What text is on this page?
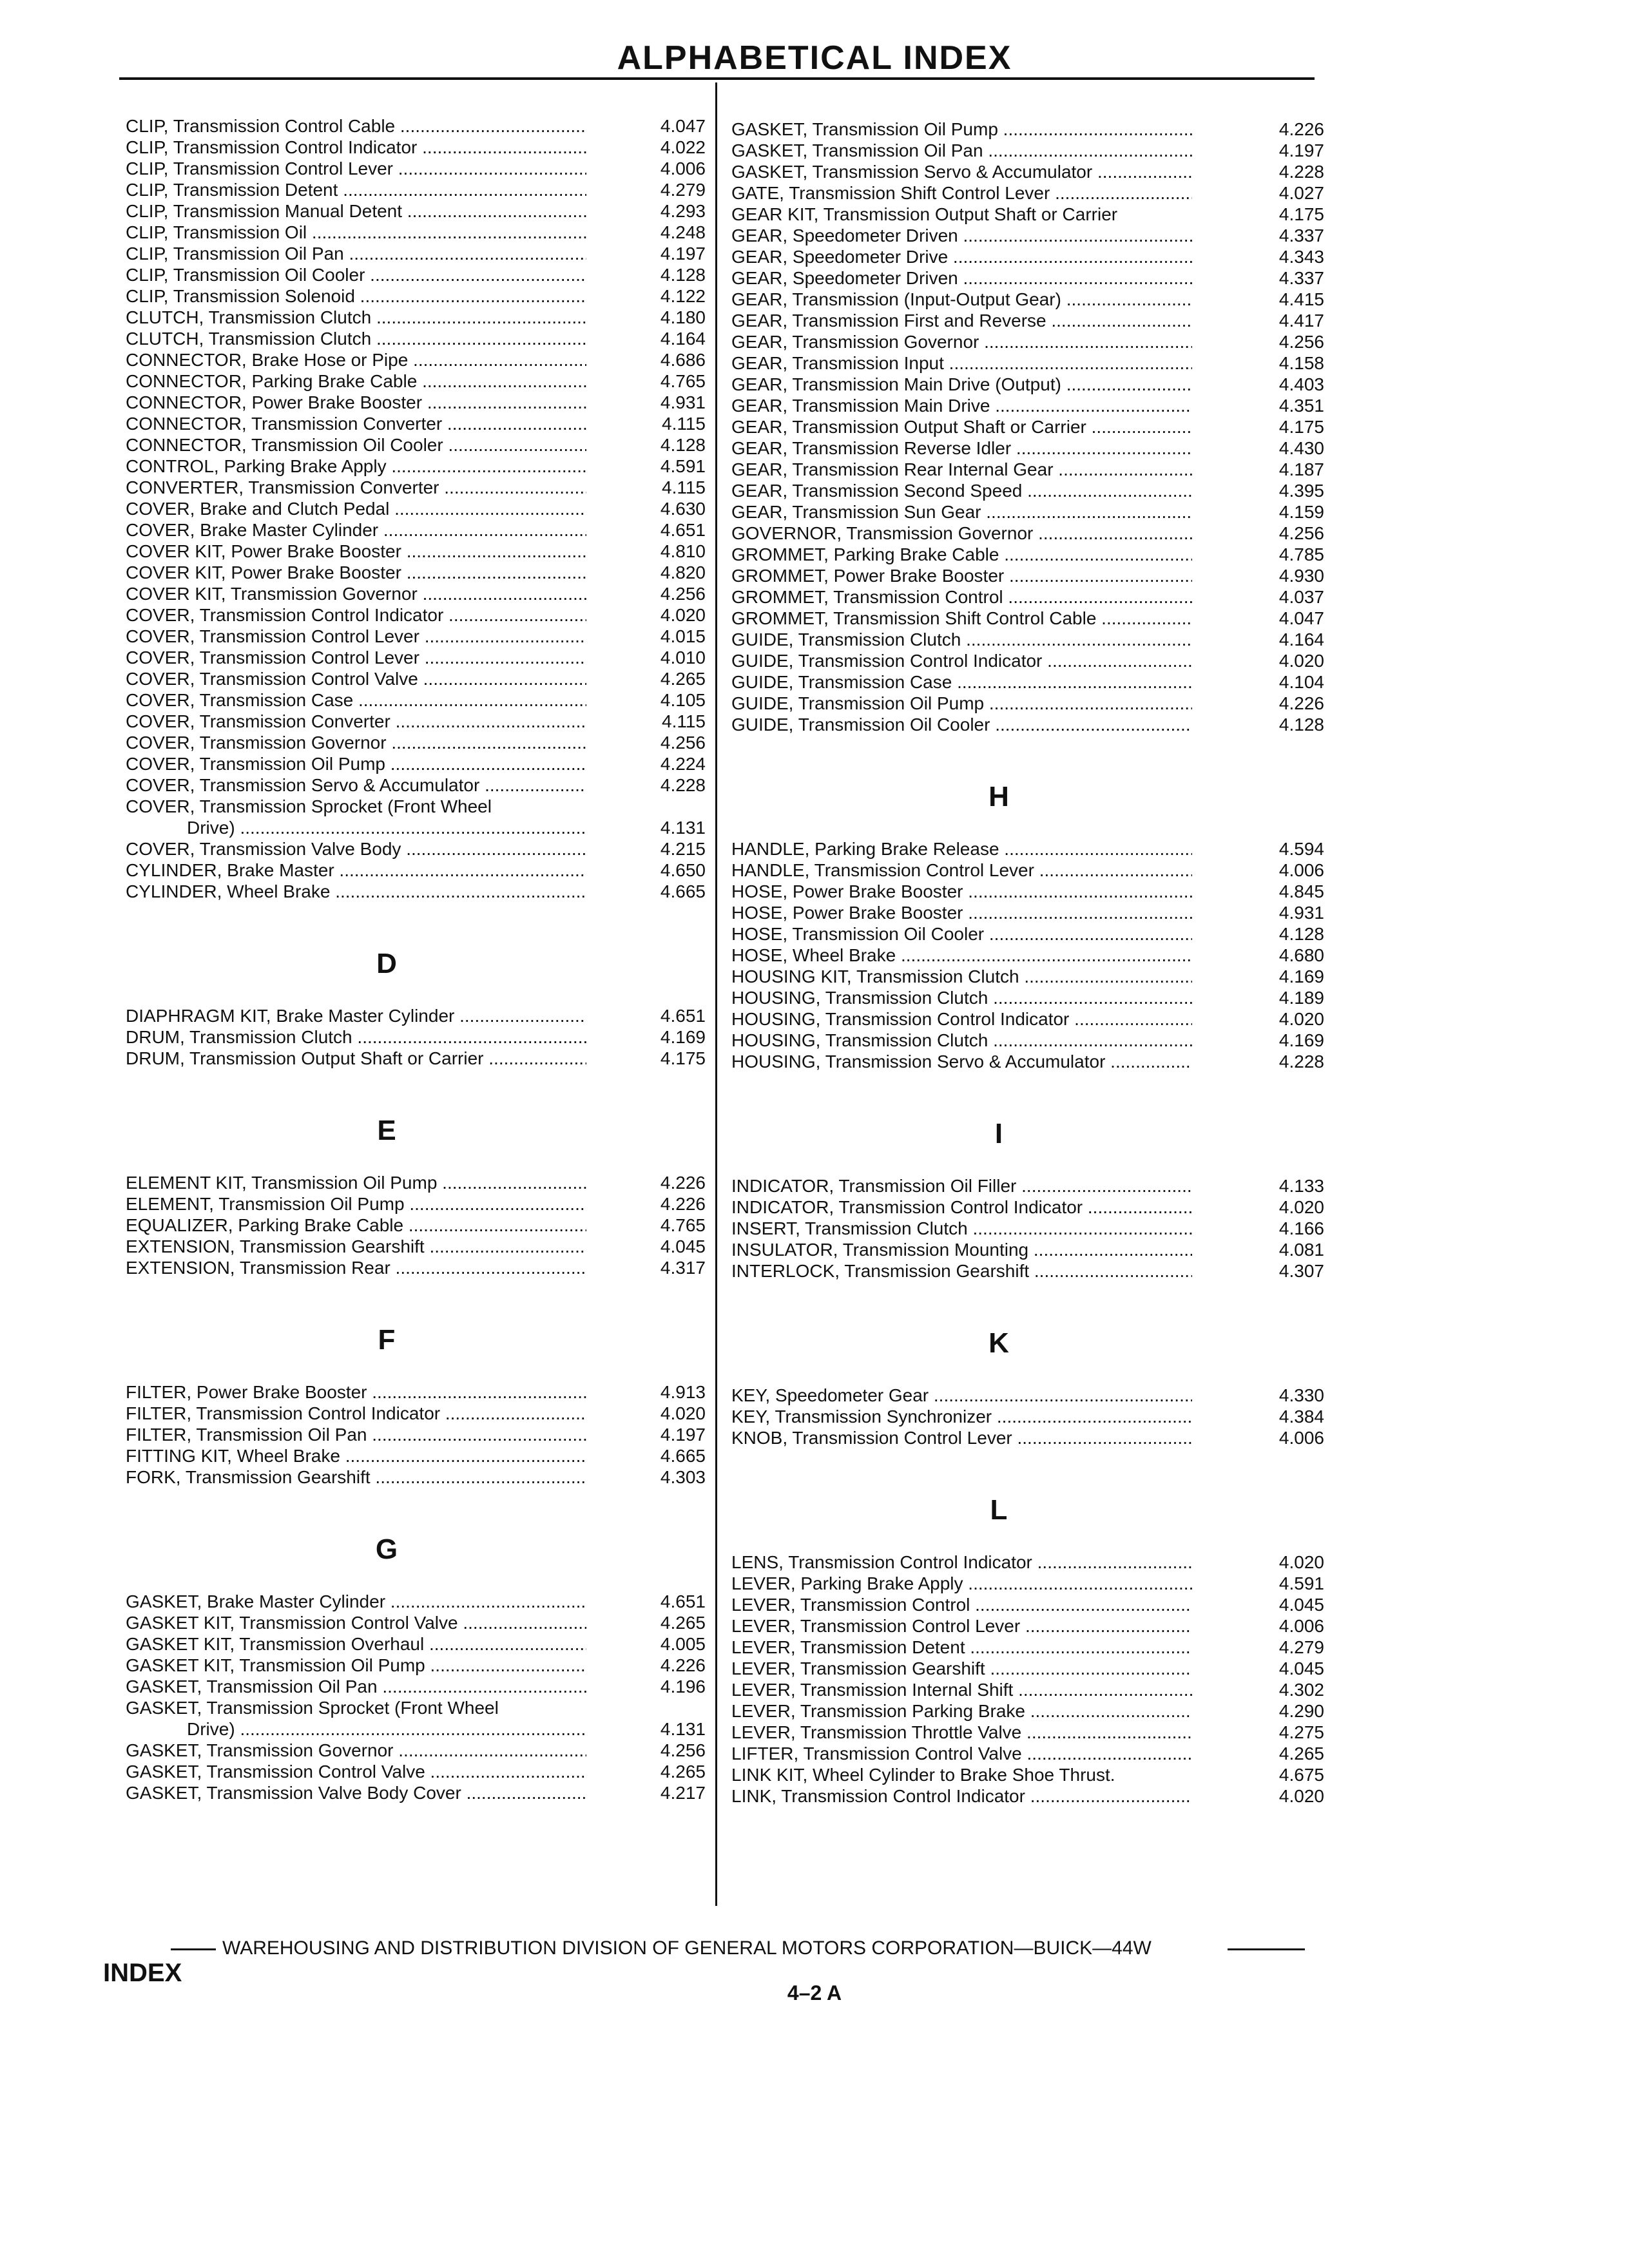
ALPHABETICAL INDEX
CLIP, Transmission Control Cable .....	4.047
CLIP, Transmission Control Indicator .....	4.022
CLIP, Transmission Control Lever .....	4.006
CLIP, Transmission Detent .....	4.279
CLIP, Transmission Manual Detent .....	4.293
CLIP, Transmission Oil .....	4.248
CLIP, Transmission Oil Pan .....	4.197
CLIP, Transmission Oil Cooler .....	4.128
CLIP, Transmission Solenoid .....	4.122
CLUTCH, Transmission Clutch .....	4.180
CLUTCH, Transmission Clutch .....	4.164
CONNECTOR, Brake Hose or Pipe .....	4.686
CONNECTOR, Parking Brake Cable .....	4.765
CONNECTOR, Power Brake Booster .....	4.931
CONNECTOR, Transmission Converter .....	4.115
CONNECTOR, Transmission Oil Cooler .....	4.128
CONTROL, Parking Brake Apply .....	4.591
CONVERTER, Transmission Converter .....	4.115
COVER, Brake and Clutch Pedal .....	4.630
COVER, Brake Master Cylinder .....	4.651
COVER KIT, Power Brake Booster .....	4.810
COVER KIT, Power Brake Booster .....	4.820
COVER KIT, Transmission Governor .....	4.256
COVER, Transmission Control Indicator .....	4.020
COVER, Transmission Control Lever .....	4.015
COVER, Transmission Control Lever .....	4.010
COVER, Transmission Control Valve .....	4.265
COVER, Transmission Case .....	4.105
COVER, Transmission Converter .....	4.115
COVER, Transmission Governor .....	4.256
COVER, Transmission Oil Pump .....	4.224
COVER, Transmission Servo & Accumulator .....	4.228
COVER, Transmission Sprocket (Front Wheel
Drive) .....	4.131
COVER, Transmission Valve Body .....	4.215
CYLINDER, Brake Master .....	4.650
CYLINDER, Wheel Brake .....	4.665
D
DIAPHRAGM KIT, Brake Master Cylinder .....	4.651
DRUM, Transmission Clutch .....	4.169
DRUM, Transmission Output Shaft or Carrier .....	4.175
E
ELEMENT KIT, Transmission Oil Pump .....	4.226
ELEMENT, Transmission Oil Pump .....	4.226
EQUALIZER, Parking Brake Cable .....	4.765
EXTENSION, Transmission Gearshift .....	4.045
EXTENSION, Transmission Rear .....	4.317
F
FILTER, Power Brake Booster .....	4.913
FILTER, Transmission Control Indicator .....	4.020
FILTER, Transmission Oil Pan .....	4.197
FITTING KIT, Wheel Brake .....	4.665
FORK, Transmission Gearshift .....	4.303
G
GASKET, Brake Master Cylinder .....	4.651
GASKET KIT, Transmission Control Valve .....	4.265
GASKET KIT, Transmission Overhaul .....	4.005
GASKET KIT, Transmission Oil Pump .....	4.226
GASKET, Transmission Oil Pan .....	4.196
GASKET, Transmission Sprocket (Front Wheel
Drive) .....	4.131
GASKET, Transmission Governor .....	4.256
GASKET, Transmission Control Valve .....	4.265
GASKET, Transmission Valve Body Cover .....	4.217
GASKET, Transmission Oil Pump .....	4.226
GASKET, Transmission Oil Pan .....	4.197
GASKET, Transmission Servo & Accumulator .....	4.228
GATE, Transmission Shift Control Lever .....	4.027
GEAR KIT, Transmission Output Shaft or Carrier	4.175
GEAR, Speedometer Driven .....	4.337
GEAR, Speedometer Drive .....	4.343
GEAR, Speedometer Driven .....	4.337
GEAR, Transmission (Input-Output Gear) .....	4.415
GEAR, Transmission First and Reverse .....	4.417
GEAR, Transmission Governor .....	4.256
GEAR, Transmission Input .....	4.158
GEAR, Transmission Main Drive (Output) .....	4.403
GEAR, Transmission Main Drive .....	4.351
GEAR, Transmission Output Shaft or Carrier .....	4.175
GEAR, Transmission Reverse Idler .....	4.430
GEAR, Transmission Rear Internal Gear .....	4.187
GEAR, Transmission Second Speed .....	4.395
GEAR, Transmission Sun Gear .....	4.159
GOVERNOR, Transmission Governor .....	4.256
GROMMET, Parking Brake Cable .....	4.785
GROMMET, Power Brake Booster .....	4.930
GROMMET, Transmission Control .....	4.037
GROMMET, Transmission Shift Control Cable .....	4.047
GUIDE, Transmission Clutch .....	4.164
GUIDE, Transmission Control Indicator .....	4.020
GUIDE, Transmission Case .....	4.104
GUIDE, Transmission Oil Pump .....	4.226
GUIDE, Transmission Oil Cooler .....	4.128
H
HANDLE, Parking Brake Release .....	4.594
HANDLE, Transmission Control Lever .....	4.006
HOSE, Power Brake Booster .....	4.845
HOSE, Power Brake Booster .....	4.931
HOSE, Transmission Oil Cooler .....	4.128
HOSE, Wheel Brake .....	4.680
HOUSING KIT, Transmission Clutch .....	4.169
HOUSING, Transmission Clutch .....	4.189
HOUSING, Transmission Control Indicator .....	4.020
HOUSING, Transmission Clutch .....	4.169
HOUSING, Transmission Servo & Accumulator .....	4.228
I
INDICATOR, Transmission Oil Filler .....	4.133
INDICATOR, Transmission Control Indicator .....	4.020
INSERT, Transmission Clutch .....	4.166
INSULATOR, Transmission Mounting .....	4.081
INTERLOCK, Transmission Gearshift .....	4.307
K
KEY, Speedometer Gear .....	4.330
KEY, Transmission Synchronizer .....	4.384
KNOB, Transmission Control Lever .....	4.006
L
LENS, Transmission Control Indicator .....	4.020
LEVER, Parking Brake Apply .....	4.591
LEVER, Transmission Control .....	4.045
LEVER, Transmission Control Lever .....	4.006
LEVER, Transmission Detent .....	4.279
LEVER, Transmission Gearshift .....	4.045
LEVER, Transmission Internal Shift .....	4.302
LEVER, Transmission Parking Brake .....	4.290
LEVER, Transmission Throttle Valve .....	4.275
LIFTER, Transmission Control Valve .....	4.265
LINK KIT, Wheel Cylinder to Brake Shoe Thrust.	4.675
LINK, Transmission Control Indicator .....	4.020
WAREHOUSING AND DISTRIBUTION DIVISION OF GENERAL MOTORS CORPORATION—BUICK—44W
INDEX
4–2 A
